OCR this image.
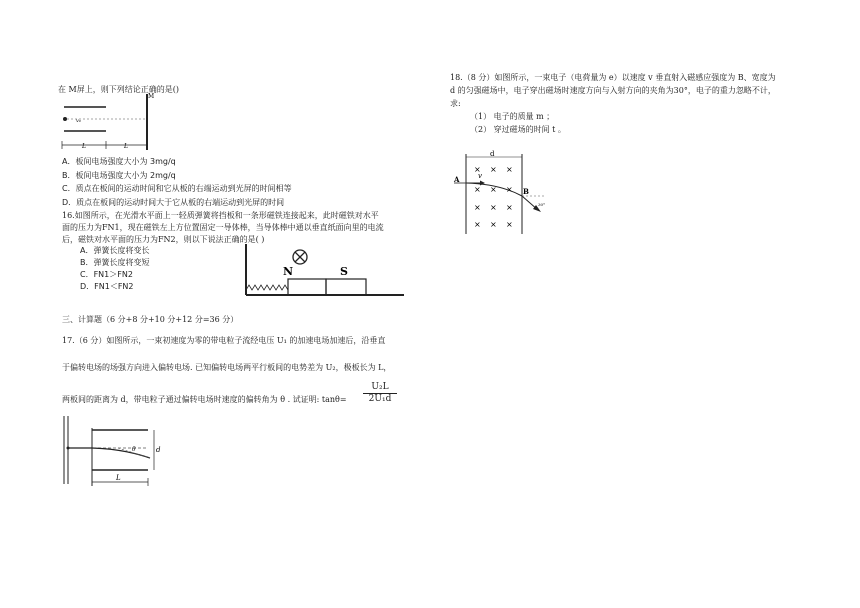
在 M屏上，则下列结论正确的是()
M
v₀
L	L
A．板间电场强度大小为 3mg/q
B．板间电场强度大小为 2mg/q
C．质点在板间的运动时间和它从板的右端运动到光屏的时间相等
D．质点在板间的运动时间大于它从板的右端运动到光屏的时间
16.如图所示，在光滑水平面上一轻质弹簧将挡板和一条形磁铁连接起来，此时磁铁对水平
面的压力为FN1，现在磁铁左上方位置固定一导体棒，当导体棒中通以垂直纸面向里的电流
后，磁铁对水平面的压力为FN2，则以下说法正确的是( )
A．弹簧长度将变长
B．弹簧长度将变短
C．FN1＞FN2
D．FN1＜FN2
N	S
三、计算题（6 分+8 分+10 分+12 分=36 分）
17.（6 分）如图所示，一束初速度为零的带电粒子流经电压 U₁ 的加速电场加速后，沿垂直
于偏转电场的场强方向进入偏转电场. 已知偏转电场两平行板间的电势差为 U₂，极板长为 L，
两板间的距离为 d，带电粒子通过偏转电场时速度的偏转角为 θ . 试证明: $\tan\theta= \frac{\text{U₂L}}{\text{2U₁d}}$
θ	d
L
18.（8 分）如图所示，一束电子（电荷量为 e）以速度 v 垂直射入磁感应强度为 B、宽度为
d 的匀强磁场中，电子穿出磁场时速度方向与入射方向的夹角为30°，电子的重力忽略不计，
求:
（1） 电子的质量 m ；
（2） 穿过磁场的时间 t 。
d
A	v
B
30°
× × ×
× × ×
× × ×
× × ×
